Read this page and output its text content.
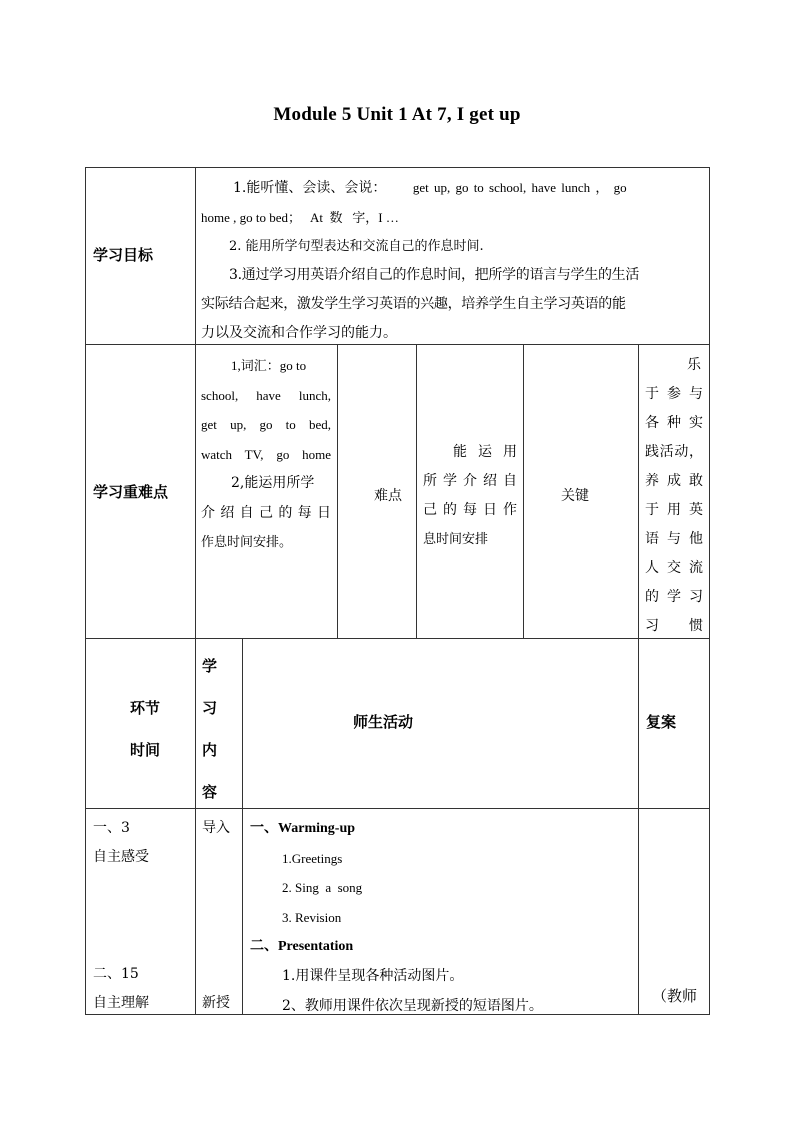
Module 5 Unit 1 At 7, I get up
学习目标
1.能听懂、会读、会说： get up, go to school, have lunch ， go
home , go to bed；   At  数   字，I …
2. 能用所学句型表达和交流自己的作息时间.
3.通过学习用英语介绍自己的作息时间，把所学的语言与学生的生活
实际结合起来，激发学生学习英语的兴趣，培养学生自主学习英语的能
力以及交流和合作学习的能力。
学习重难点
1,词汇：go to
school, have lunch,
get up, go to bed,
watch TV, go home
2,能运用所学
介绍自己的每日
作息时间安排。
难点
能 运 用
所学介绍自
己的每日作
息时间安排
关键
乐
于参与
各种实
践活动，
养成敢
于用英
语与他
人交流
的学习
习惯
环节
时间
学
习
内
容
师生活动	复案
一、3
自主感受
二、15
自主理解
导入
新授
一、Warming-up
1.Greetings
2. Sing  a  song
3. Revision
二、Presentation
1.用课件呈现各种活动图片。
2、教师用课件依次呈现新授的短语图片。
（教师
